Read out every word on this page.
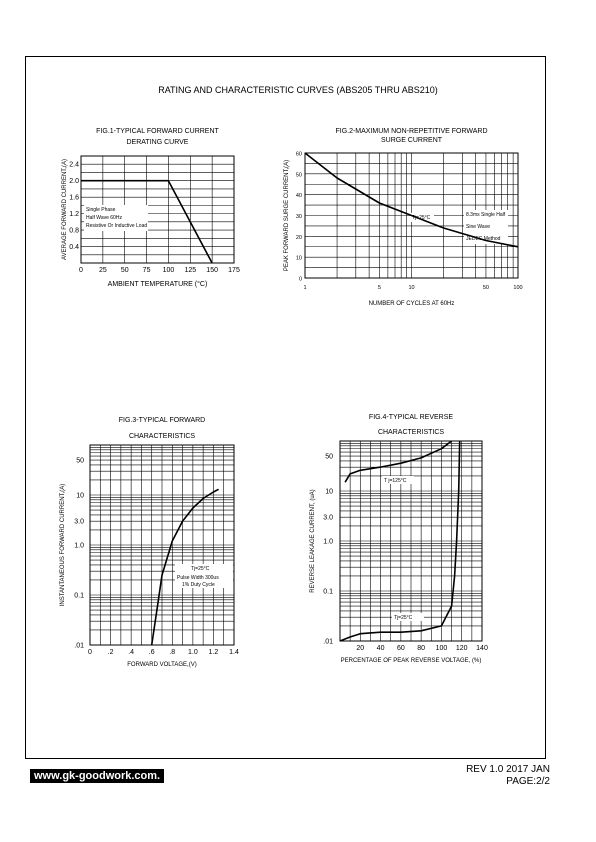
RATING AND CHARACTERISTIC CURVES (ABS205 THRU ABS210)
FIG.1-TYPICAL FORWARD CURRENT
DERATING CURVE
0 25 50 75 100 125 150 175
0.4
0.8
1.2
1.6
2.0
2.4
AMBIENT TEMPERATURE (°C)
AVERAGE FORWARD CURRENT,(A)	Single Phase
Half Wave 60Hz
Resistive Or Inductive Load
FIG.2-MAXIMUM NON-REPETITIVE FORWARD
SURGE CURRENT
1	5	10	50	100
0
10
20
30
40
50
60
NUMBER OF CYCLES AT 60Hz
PEAK FORWARD SURGE CURRENT,(A)	Tj=25°C	8.3ms Single Half
Sine Wave
JEDEC Method
FIG.3-TYPICAL FORWARD
CHARACTERISTICS
0 .2 .4 .6 .8 1.0 1.2 1.4
.01
0.1
1.0
3.0
10
50
FORWARD VOLTAGE,(V)
INSTANTANEOUS FORWARD CURRENT,(A)	Tj=25°C
Pulse Width 300us
1% Duty Cycle
FIG.4-TYPICAL REVERSE
CHARACTERISTICS
20 40 60 80 100 120 140
.01
0.1
1.0
3.0
10
50
PERCENTAGE OF PEAK REVERSE VOLTAGE, (%)
REVERSE LEAKAGE CURRENT, (uA)
T j=125°C
Tj=25°C
www.gk-goodwork.com.
REV 1.0 2017 JAN
PAGE:2/2
